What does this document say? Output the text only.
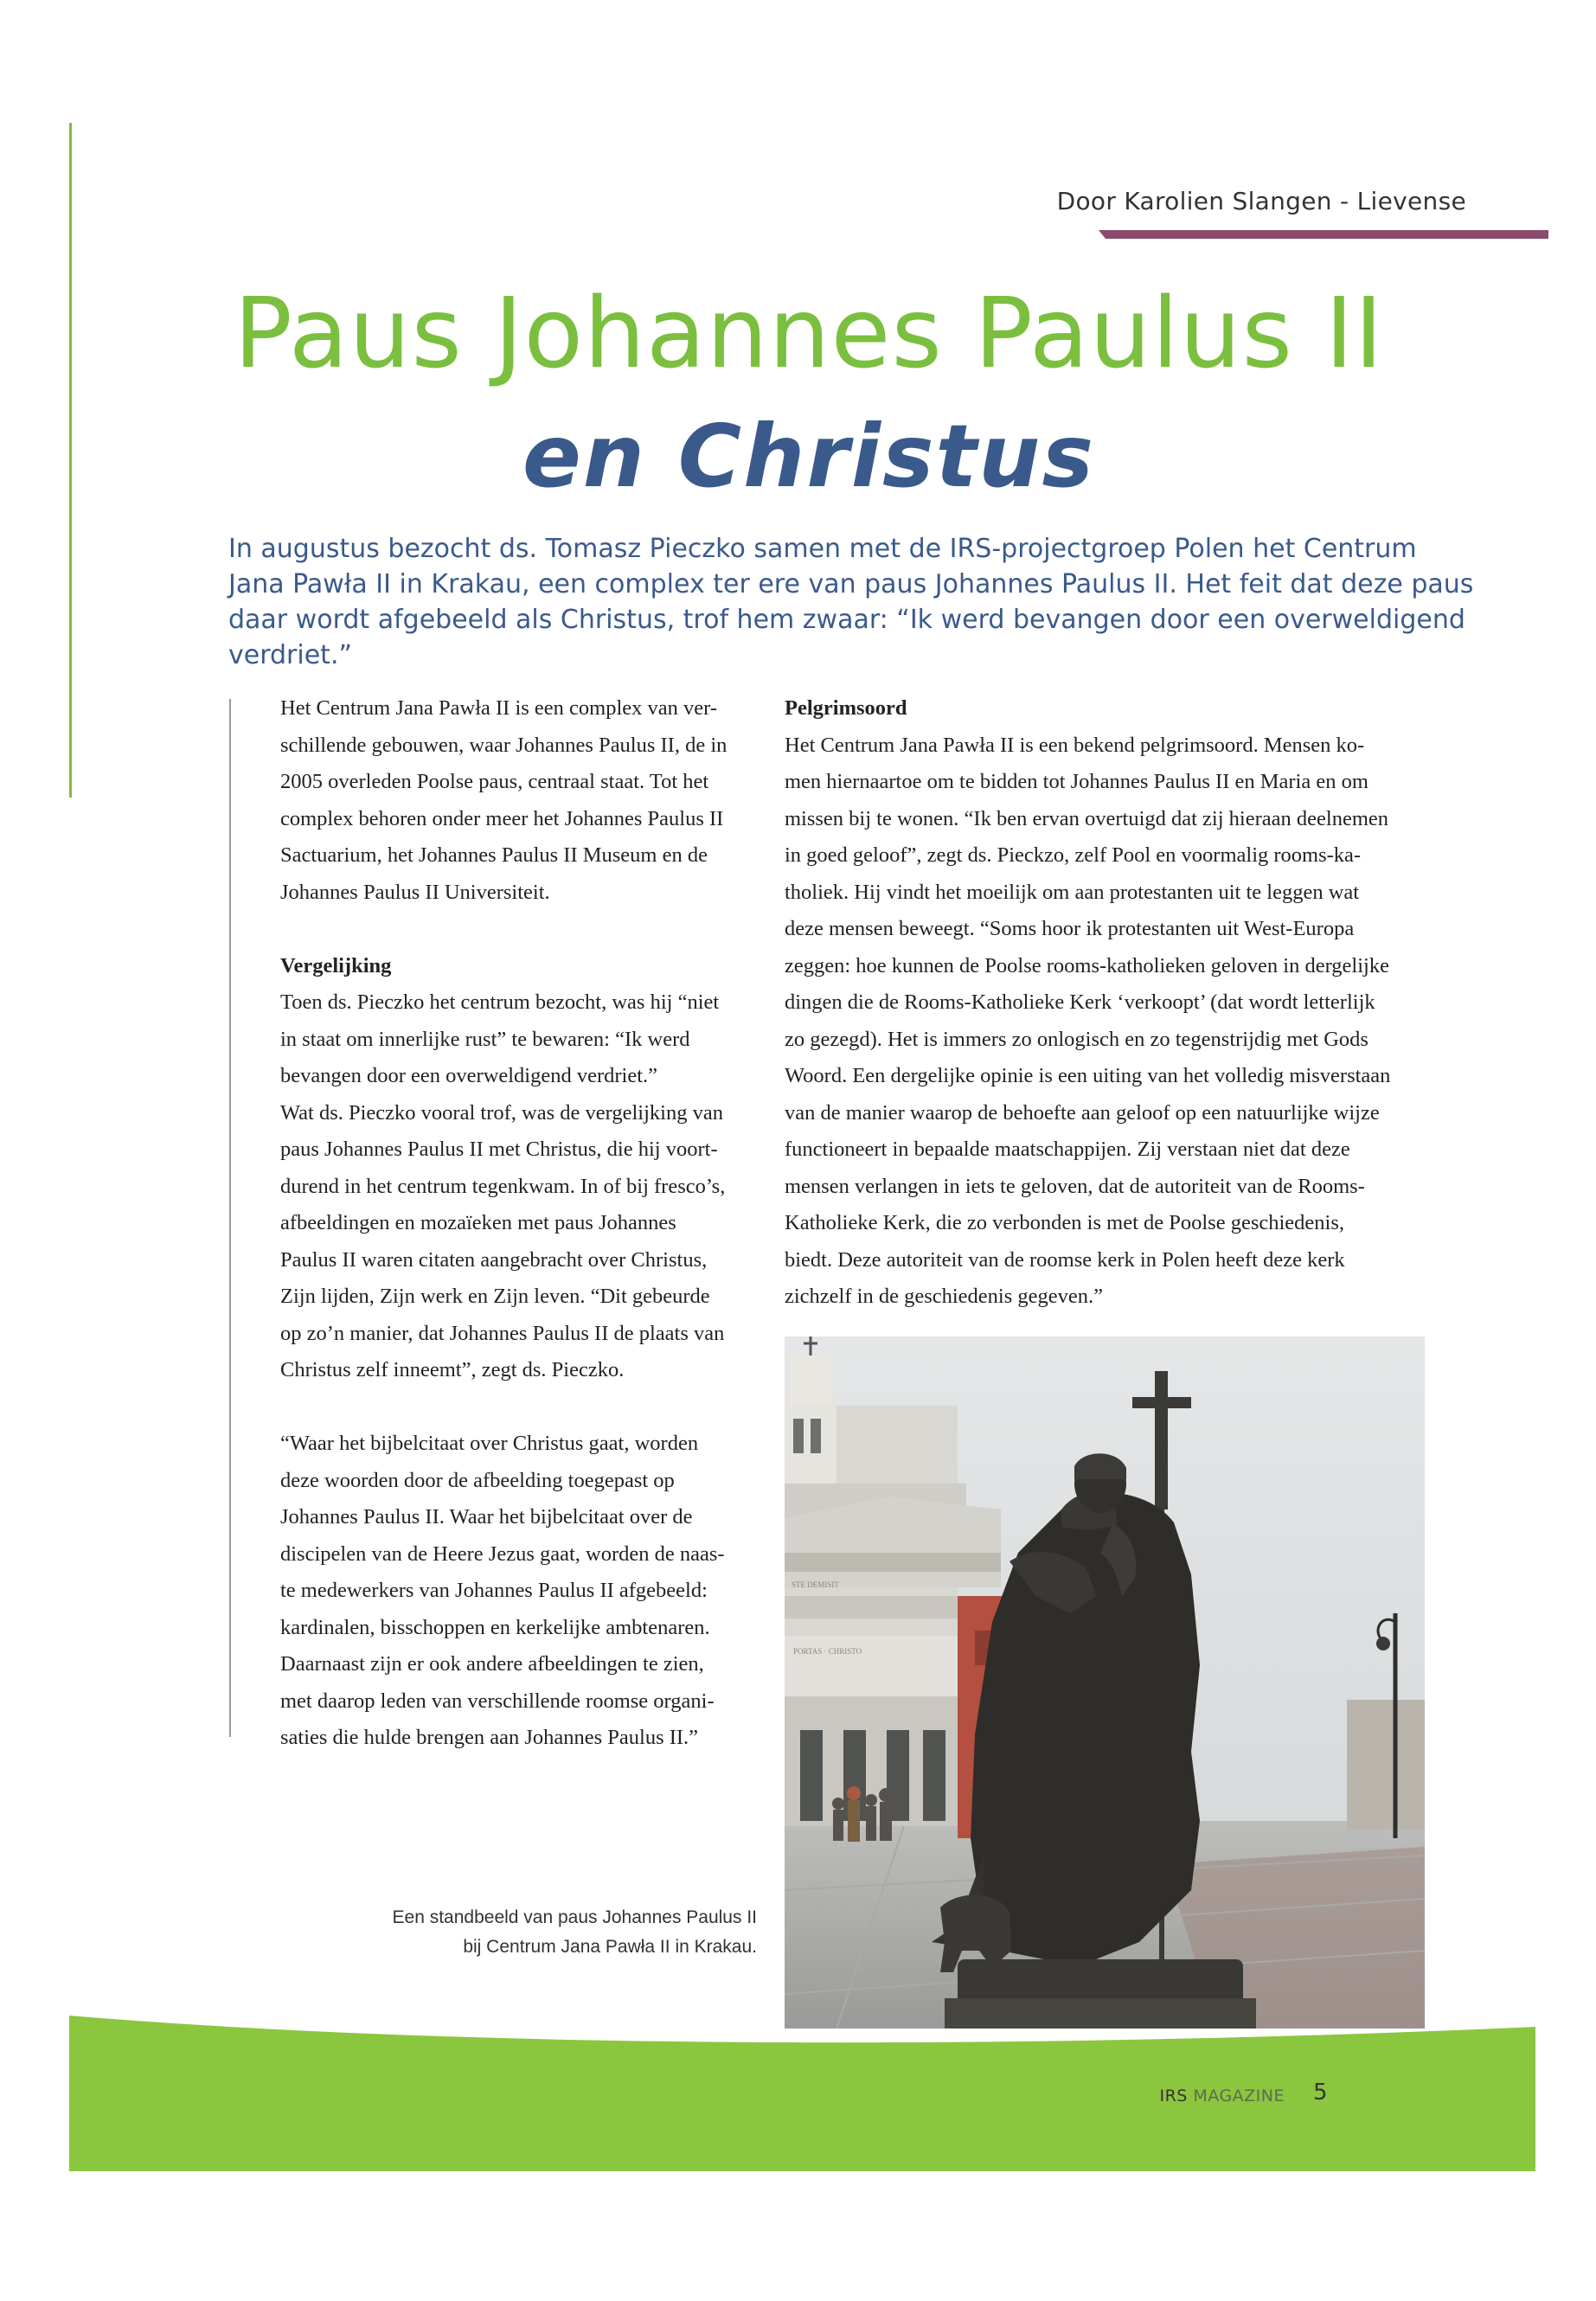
Door Karolien Slangen - Lievense
Paus Johannes Paulus II
en Christus
In augustus bezocht ds. Tomasz Pieczko samen met de IRS-projectgroep Polen het Centrum Jana Pawła II in Krakau, een complex ter ere van paus Johannes Paulus II. Het feit dat deze paus daar wordt afgebeeld als Christus, trof hem zwaar: “Ik werd bevangen door een overweldigend verdriet.”

Het Centrum Jana Pawła II is een complex van ver-
schillende gebouwen, waar Johannes Paulus II, de in
2005 overleden Poolse paus, centraal staat. Tot het
complex behoren onder meer het Johannes Paulus II
Sactuarium, het Johannes Paulus II Museum en de
Johannes Paulus II Universiteit.

Vergelijking

Toen ds. Pieczko het centrum bezocht, was hij “niet
in staat om innerlijke rust” te bewaren: “Ik werd
bevangen door een overweldigend verdriet.”
Wat ds. Pieczko vooral trof, was de vergelijking van
paus Johannes Paulus II met Christus, die hij voort-
durend in het centrum tegenkwam. In of bij fresco’s,
afbeeldingen en mozaïeken met paus Johannes
Paulus II waren citaten aangebracht over Christus,
Zijn lijden, Zijn werk en Zijn leven. “Dit gebeurde
op zo’n manier, dat Johannes Paulus II de plaats van
Christus zelf inneemt”, zegt ds. Pieczko.

“Waar het bijbelcitaat over Christus gaat, worden
deze woorden door de afbeelding toegepast op
Johannes Paulus II. Waar het bijbelcitaat over de
discipelen van de Heere Jezus gaat, worden de naas-
te medewerkers van Johannes Paulus II afgebeeld:
kardinalen, bisschoppen en kerkelijke ambtenaren.
Daarnaast zijn er ook andere afbeeldingen te zien,
met daarop leden van verschillende roomse organi-
saties die hulde brengen aan Johannes Paulus II.”

Pelgrimsoord

Het Centrum Jana Pawła II is een bekend pelgrimsoord. Mensen ko-
men hiernaartoe om te bidden tot Johannes Paulus II en Maria en om
missen bij te wonen. “Ik ben ervan overtuigd dat zij hieraan deelnemen
in goed geloof”, zegt ds. Pieckzo, zelf Pool en voormalig rooms-ka-
tholiek. Hij vindt het moeilijk om aan protestanten uit te leggen wat
deze mensen beweegt. “Soms hoor ik protestanten uit West-Europa
zeggen: hoe kunnen de Poolse rooms-katholieken geloven in dergelijke
dingen die de Rooms-Katholieke Kerk ‘verkoopt’ (dat wordt letterlijk
zo gezegd). Het is immers zo onlogisch en zo tegenstrijdig met Gods
Woord. Een dergelijke opinie is een uiting van het volledig misverstaan
van de manier waarop de behoefte aan geloof op een natuurlijke wijze
functioneert in bepaalde maatschappijen. Zij verstaan niet dat deze
mensen verlangen in iets te geloven, dat de autoriteit van de Rooms-
Katholieke Kerk, die zo verbonden is met de Poolse geschiedenis,
biedt. Deze autoriteit van de roomse kerk in Polen heeft deze kerk
zichzelf in de geschiedenis gegeven.”

STE DEMISIT
PORTAS · CHRISTO
Een standbeeld van paus Johannes Paulus II
bij Centrum Jana Pawła II in Krakau.
IRS MAGAZINE 5
